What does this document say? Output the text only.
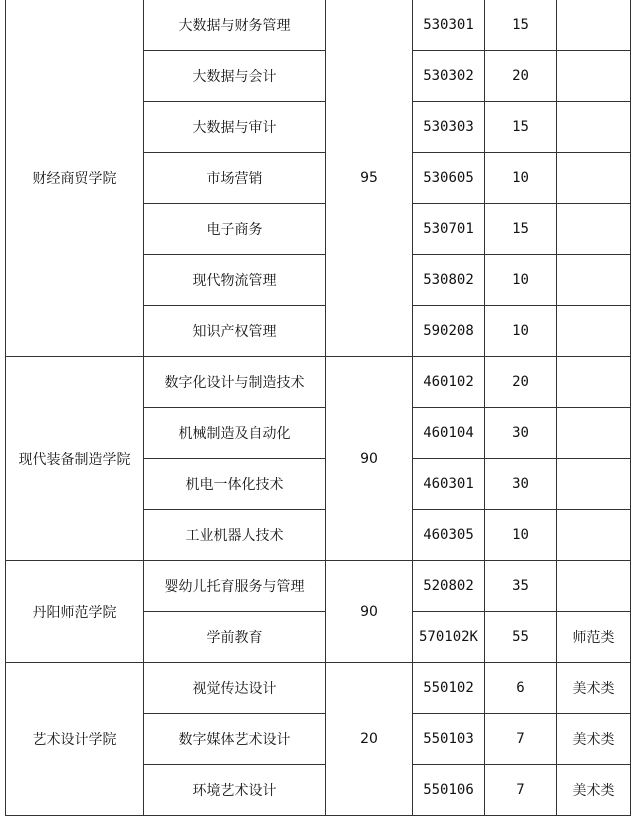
财经商贸学院	大数据与财务管理	95	530301	15	
	大数据与会计		530302	20	
	大数据与审计		530303	15	
	市场营销		530605	10	
	电子商务		530701	15	
	现代物流管理		530802	10	
	知识产权管理		590208	10	
现代装备制造学院	数字化设计与制造技术	90	460102	20	
	机械制造及自动化		460104	30	
	机电一体化技术		460301	30	
	工业机器人技术		460305	10	
丹阳师范学院	婴幼儿托育服务与管理	90	520802	35	
	学前教育		570102K	55	师范类
艺术设计学院	视觉传达设计	20	550102	6	美术类
	数字媒体艺术设计		550103	7	美术类
	环境艺术设计		550106	7	美术类
